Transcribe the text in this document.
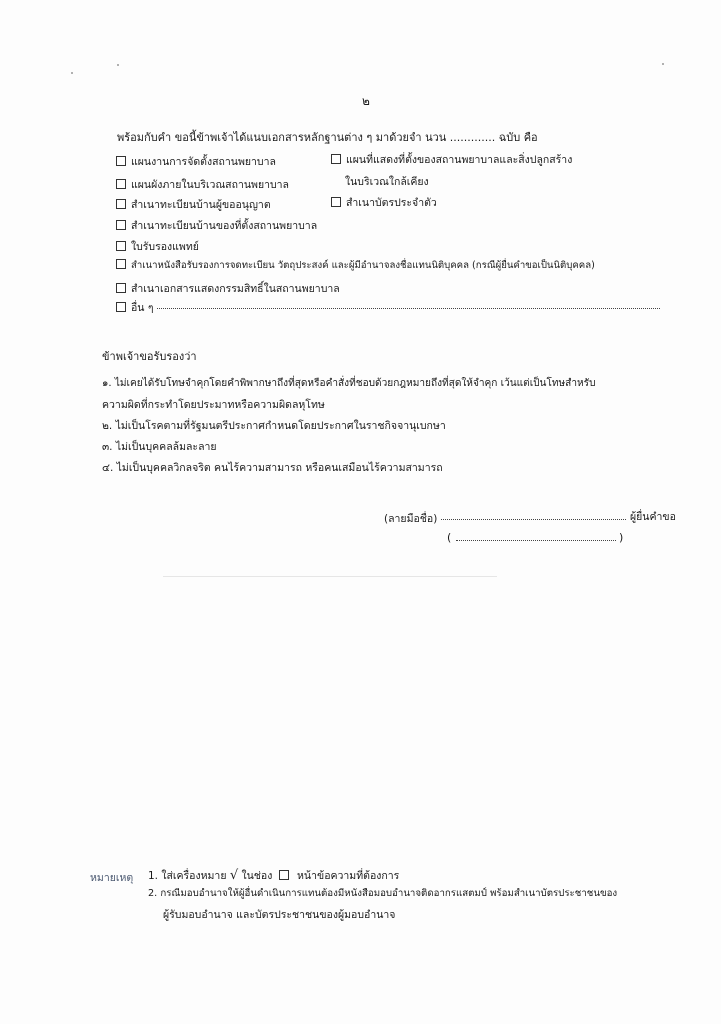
๒
พร้อมกับคำ ขอนี้ข้าพเจ้าได้แนบเอกสารหลักฐานต่าง ๆ มาด้วยจำ นวน ............. ฉบับ คือ
แผนงานการจัดตั้งสถานพยาบาล
แผนผังภายในบริเวณสถานพยาบาล
สำเนาทะเบียนบ้านผู้ขออนุญาต
สำเนาทะเบียนบ้านของที่ตั้งสถานพยาบาล
ใบรับรองแพทย์
สำเนาหนังสือรับรองการจดทะเบียน วัตถุประสงค์ และผู้มีอำนาจลงชื่อแทนนิติบุคคล (กรณีผู้ยื่นคำขอเป็นนิติบุคคล)
สำเนาเอกสารแสดงกรรมสิทธิ์ในสถานพยาบาล
อื่น ๆ
แผนที่แสดงที่ตั้งของสถานพยาบาลและสิ่งปลูกสร้าง
ในบริเวณใกล้เคียง
สำเนาบัตรประจำตัว
ข้าพเจ้าขอรับรองว่า
๑. ไม่เคยได้รับโทษจำคุกโดยคำพิพากษาถึงที่สุดหรือคำสั่งที่ชอบด้วยกฎหมายถึงที่สุดให้จำคุก เว้นแต่เป็นโทษสำหรับ
ความผิดที่กระทำโดยประมาทหรือความผิดลหุโทษ
๒. ไม่เป็นโรคตามที่รัฐมนตรีประกาศกำหนดโดยประกาศในราชกิจจานุเบกษา
๓. ไม่เป็นบุคคลล้มละลาย
๔. ไม่เป็นบุคคลวิกลจริต คนไร้ความสามารถ หรือคนเสมือนไร้ความสามารถ
(ลายมือชื่อ)	ผู้ยื่นคำขอ
(	)
หมายเหตุ 1. ใส่เครื่องหมาย √ ในช่อง หน้าข้อความที่ต้องการ
2. กรณีมอบอำนาจให้ผู้อื่นดำเนินการแทนต้องมีหนังสือมอบอำนาจติดอากรแสตมป์ พร้อมสำเนาบัตรประชาชนของ
ผู้รับมอบอำนาจ และบัตรประชาชนของผู้มอบอำนาจ
